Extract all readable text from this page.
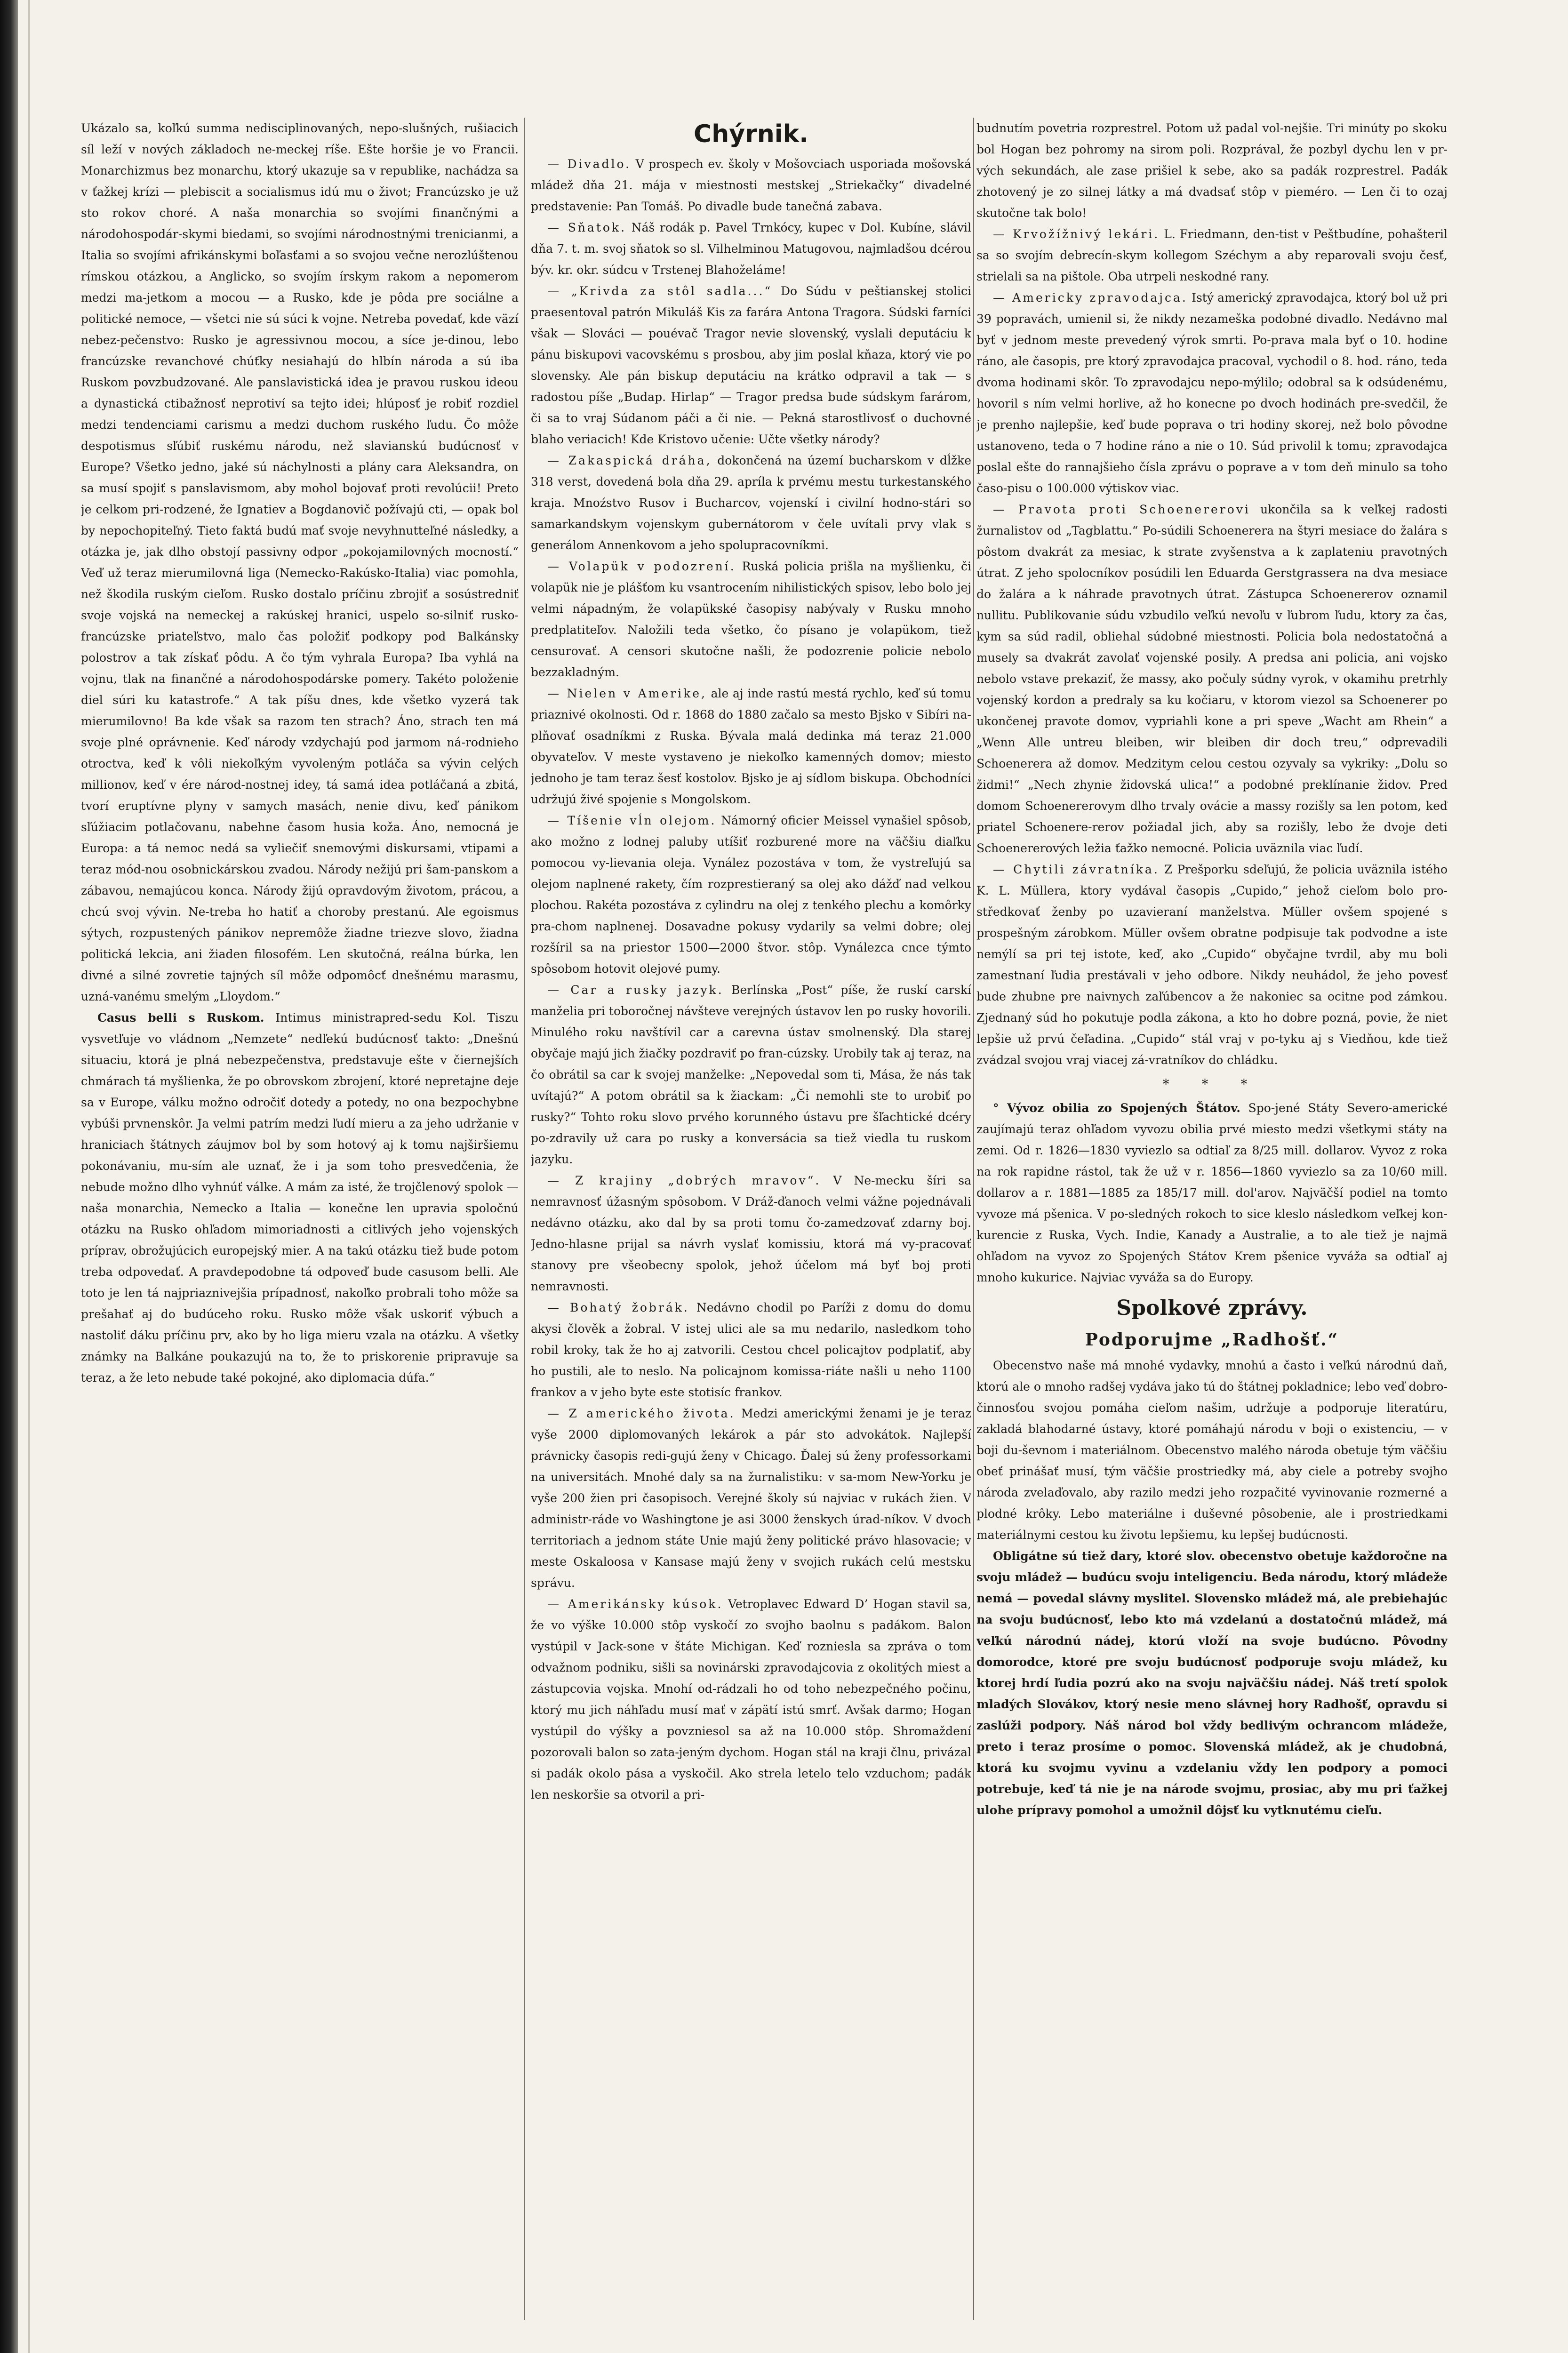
Ukázalo sa, koľkú summa nedisciplinovaných, nepo-slušných, rušiacich síl leží v nových základoch ne-meckej ríše. Ešte horšie je vo Francii. Monarchizmus bez monarchu, ktorý ukazuje sa v republike, nachádza sa v ťažkej krízi — plebiscit a socialismus idú mu o život; Francúzsko je už sto rokov choré. A naša monarchia so svojími finančnými a národohospodár-skymi biedami, so svojími národnostnými trenicianmi, a Italia so svojími afrikánskymi boľasťami a so svojou večne nerozlúštenou rímskou otázkou, a Anglicko, so svojím írskym rakom a nepomerom medzi ma-jetkom a mocou — a Rusko, kde je pôda pre sociálne a politické nemoce, — všetci nie sú súci k vojne. Netreba povedať, kde väzí nebez-pečenstvo: Rusko je agressivnou mocou, a síce je-dinou, lebo francúzske revanchové chúťky nesiahajú do hlbín národa a sú iba Ruskom povzbudzované. Ale panslavistická idea je pravou ruskou ideou a dynastická ctibažnosť neprotiví sa tejto idei; hlúposť je robiť rozdiel medzi tendenciami carismu a medzi duchom ruského ľudu. Čo môže despotismus sľúbiť ruskému národu, než slavianskú budúcnosť v Europe? Všetko jedno, jaké sú náchylnosti a plány cara Aleksandra, on sa musí spojiť s panslavismom, aby mohol bojovať proti revolúcii! Preto je celkom pri-rodzené, že Ignatiev a Bogdanovič požívajú cti, — opak bol by nepochopiteľný. Tieto faktá budú mať svoje nevyhnutteľné následky, a otázka je, jak dlho obstojí passivny odpor „pokojamilovných mocností.“ Veď už teraz mierumilovná liga (Nemecko-Rakúsko-Italia) viac pomohla, než škodila ruským cieľom. Rusko dostalo príčinu zbrojiť a sosústredniť svoje vojská na nemeckej a rakúskej hranici, uspelo so-silniť rusko-francúzske priateľstvo, malo čas položiť podkopy pod Balkánsky polostrov a tak získať pôdu. A čo tým vyhrala Europa? Iba vyhlá na vojnu, tlak na finančné a národohospodárske pomery. Takéto položenie diel súri ku katastrofe.“ A tak píšu dnes, kde všetko vyzerá tak mierumilovno! Ba kde však sa razom ten strach? Áno, strach ten má svoje plné oprávnenie. Keď národy vzdychajú pod jarmom ná-rodnieho otroctva, keď k vôli niekoľkým vyvoleným potláča sa vývin celých millionov, keď v ére národ-nostnej idey, tá samá idea potláčaná a zbitá, tvorí eruptívne plyny v samych masách, nenie divu, keď pánikom sľúžiacim potlačovanu, nabehne časom husia koža. Áno, nemocná je Europa: a tá nemoc nedá sa vyliečiť snemovými diskursami, vtipami a teraz mód-nou osobnickárskou zvadou. Národy nežijú pri šam-panskom a zábavou, nemajúcou konca. Národy žijú opravdovým životom, prácou, a chcú svoj vývin. Ne-treba ho hatiť a choroby prestanú. Ale egoismus sýtych, rozpustených pánikov nepremôže žiadne triezve slovo, žiadna politická lekcia, ani žiaden filosofém. Len skutočná, reálna búrka, len divné a silné zovretie tajných síl môže odpomôcť dnešnému marasmu, uzná-vanému smelým „Lloydom.“

Casus belli s Ruskom. Intimus ministrapred-sedu Kol. Tiszu vysvetľuje vo vládnom „Nemzete“ nedľekú budúcnosť takto: „Dnešnú situaciu, ktorá je plná nebezpečenstva, predstavuje ešte v čiernejších chmárach tá myšlienka, že po obrovskom zbrojení, ktoré nepretajne deje sa v Europe, válku možno odročiť dotedy a potedy, no ona bezpochybne vybúši prvnenskôr. Ja velmi patrím medzi ľudí mieru a za jeho udržanie v hraniciach štátnych záujmov bol by som hotový aj k tomu najširšiemu pokonávaniu, mu-sím ale uznať, že i ja som toho presvedčenia, že nebude možno dlho vyhnúť válke. A mám za isté, že trojčlenový spolok — naša monarchia, Nemecko a Italia — konečne len upravia spoločnú otázku na Rusko ohľadom mimoriadnosti a citlivých jeho vojenských príprav, obrožujúcich europejský mier. A na takú otázku tiež bude potom treba odpovedať. A pravdepodobne tá odpoveď bude casusom belli. Ale toto je len tá najpriaznivejšia prípadnosť, nakoľko probrali toho môže sa prešahať aj do budúceho roku. Rusko môže však uskoriť výbuch a nastoliť dáku príčinu prv, ako by ho liga mieru vzala na otázku. A všetky známky na Balkáne poukazujú na to, že to priskorenie pripravuje sa teraz, a že leto nebude také pokojné, ako diplomacia dúfa.“

Chýrnik.

— Divadlo. V prospech ev. školy v Mošovciach usporiada mošovská mládež dňa 21. mája v miestnosti mestskej „Striekačky“ divadelné predstavenie: Pan Tomáš. Po divadle bude tanečná zabava.

— Sňatok. Náš rodák p. Pavel Trnkócy, kupec v Dol. Kubíne, slávil dňa 7. t. m. svoj sňatok so sl. Vilhelminou Matugovou, najmladšou dcérou býv. kr. okr. súdcu v Trstenej Blahoželáme!

— „Krivda za stôl sadla...“ Do Súdu v peštianskej stolici praesentoval patrón Mikuláš Kis za farára Antona Tragora. Súdski farníci však — Slováci — pouévač Tragor nevie slovenský, vyslali deputáciu k pánu biskupovi vacovskému s prosbou, aby jim poslal kňaza, ktorý vie po slovensky. Ale pán biskup deputáciu na krátko odpravil a tak — s radostou píše „Budap. Hirlap“ — Tragor predsa bude súdskym farárom, či sa to vraj Súdanom páči a či nie. — Pekná starostlivosť o duchovné blaho veriacich! Kde Kristovo učenie: Učte všetky národy?

— Zakaspická dráha, dokončená na území bucharskom v dĺžke 318 verst, dovedená bola dňa 29. apríla k prvému mestu turkestanského kraja. Mnoźstvo Rusov i Bucharcov, vojenskí i civilní hodno-stári so samarkandskym vojenskym gubernátorom v čele uvítali prvy vlak s generálom Annenkovom a jeho spolupracovníkmi.

— Volapük v podozrení. Ruská policia prišla na myšlienku, či volapük nie je plášťom ku vsantrocením nihilistických spisov, lebo bolo jej velmi nápadným, že volapükské časopisy nabývaly v Rusku mnoho predplatiteľov. Naložili teda všetko, čo písano je volapükom, tiež censurovať. A censori skutočne našli, že podozrenie policie nebolo bezzakladným.

— Nielen v Amerike, ale aj inde rastú mestá rychlo, keď sú tomu priaznivé okolnosti. Od r. 1868 do 1880 začalo sa mesto Bjsko v Sibíri na-plňovať osadníkmi z Ruska. Bývala malá dedinka má teraz 21.000 obyvateľov. V meste vystaveno je niekoľko kamenných domov; miesto jednoho je tam teraz šesť kostolov. Bjsko je aj sídlom biskupa. Obchodníci udržujú živé spojenie s Mongolskom.

— Tíšenie vĺn olejom. Námorný oficier Meissel vynašiel spôsob, ako možno z lodnej paluby utíšiť rozburené more na väčšiu diaľku pomocou vy-lievania oleja. Vynález pozostáva v tom, že vystreľujú sa olejom naplnené rakety, čím rozprestieraný sa olej ako dážď nad velkou plochou. Rakéta pozostáva z cylindru na olej z tenkého plechu a komôrky pra-chom naplnenej. Dosavadne pokusy vydarily sa velmi dobre; olej rozšíril sa na priestor 1500—2000 štvor. stôp. Vynálezca cnce týmto spôsobom hotovit olejové pumy.

— Car a rusky jazyk. Berlínska „Post“ píše, že ruskí carskí manželia pri toboročnej návšteve verejných ústavov len po rusky hovorili. Minulého roku navštívil car a carevna ústav smolnenský. Dla starej obyčaje majú jich žiačky pozdraviť po fran-cúzsky. Urobily tak aj teraz, na čo obrátil sa car k svojej manželke: „Nepovedal som ti, Mása, že nás tak uvítajú?“ A potom obrátil sa k žiackam: „Či nemohli ste to urobiť po rusky?“ Tohto roku slovo prvého korunného ústavu pre šľachtické dcéry po-zdravily už cara po rusky a konversácia sa tiež viedla tu ruskom jazyku.

— Z krajiny „dobrých mravov“. V Ne-mecku šíri sa nemravnosť úžasným spôsobom. V Dráž-ďanoch velmi vážne pojednávali nedávno otázku, ako dal by sa proti tomu čo-zamedzovať zdarny boj. Jedno-hlasne prijal sa návrh vyslať komissiu, ktorá má vy-pracovať stanovy pre všeobecny spolok, jehož účelom má byť boj proti nemravnosti.

— Bohatý žobrák. Nedávno chodil po Paríži z domu do domu akysi člověk a žobral. V istej ulici ale sa mu nedarilo, nasledkom toho robil kroky, tak že ho aj zatvorili. Cestou chcel policajtov podplatiť, aby ho pustili, ale to neslo. Na policajnom komissa-riáte našli u neho 1100 frankov a v jeho byte este stotisíc frankov.

— Z amerického života. Medzi americkými ženami je je teraz vyše 2000 diplomovaných lekárok a pár sto advokátok. Najlepší právnicky časopis redi-gujú ženy v Chicago. Ďalej sú ženy professorkami na universitách. Mnohé daly sa na žurnalistiku: v sa-mom New-Yorku je vyše 200 žien pri časopisoch. Verejné školy sú najviac v rukách žien. V administr-ráde vo Washingtone je asi 3000 ženskych úrad-níkov. V dvoch territoriach a jednom státe Unie majú ženy politické právo hlasovacie; v meste Oskaloosa v Kansase majú ženy v svojich rukách celú mestsku správu.

— Amerikánsky kúsok. Vetroplavec Edward D’ Hogan stavil sa, že vo výške 10.000 stôp vyskočí zo svojho baolnu s padákom. Balon vystúpil v Jack-sone v štáte Michigan. Keď rozniesla sa zpráva o tom odvažnom podniku, sišli sa novinárski zpravodajcovia z okolitých miest a zástupcovia vojska. Mnohí od-rádzali ho od toho nebezpečného počinu, ktorý mu jich náhľadu musí mať v zápätí istú smrť. Avšak darmo; Hogan vystúpil do výšky a povzniesol sa až na 10.000 stôp. Shromaždení pozorovali balon so zata-jeným dychom. Hogan stál na kraji člnu, privázal si padák okolo pása a vyskočil. Ako strela letelo telo vzduchom; padák len neskoršie sa otvoril a pri-

budnutím povetria rozprestrel. Potom už padal vol-nejšie. Tri minúty po skoku bol Hogan bez pohromy na sirom poli. Rozprával, že pozbyl dychu len v pr-vých sekundách, ale zase prišiel k sebe, ako sa padák rozprestrel. Padák zhotovený je zo silnej látky a má dvadsať stôp v pieméro. — Len či to ozaj skutočne tak bolo!

— Krvožížnivý lekári. L. Friedmann, den-tist v Peštbudíne, pohašteril sa so svojím debrecín-skym kollegom Széchym a aby reparovali svoju česť, strielali sa na pištole. Oba utrpeli neskodné rany.

— Americky zpravodajca. Istý americký zpravodajca, ktorý bol už pri 39 popravách, umienil si, že nikdy nezameška podobné divadlo. Nedávno mal byť v jednom meste prevedený výrok smrti. Po-prava mala byť o 10. hodine ráno, ale časopis, pre ktorý zpravodajca pracoval, vychodil o 8. hod. ráno, teda dvoma hodinami skôr. To zpravodajcu nepo-mýlilo; odobral sa k odsúdenému, hovoril s ním velmi horlive, až ho konecne po dvoch hodinách pre-svedčil, že je prenho najlepšie, keď bude poprava o tri hodiny skorej, než bolo pôvodne ustanoveno, teda o 7 hodine ráno a nie o 10. Súd privolil k tomu; zpravodajca poslal ešte do rannajšieho čísla zprávu o poprave a v tom deň minulo sa toho časo-pisu o 100.000 výtiskov viac.

— Pravota proti Schoenererovi ukončila sa k veľkej radosti žurnalistov od „Tagblattu.“ Po-súdili Schoenerera na štyri mesiace do žalára s pôstom dvakrát za mesiac, k strate zvyšenstva a k zaplateniu pravotných útrat. Z jeho spolocníkov posúdili len Eduarda Gerstgrassera na dva mesiace do žalára a k náhrade pravotnych útrat. Zástupca Schoenererov oznamil nullitu. Publikovanie súdu vzbudilo veľkú nevoľu v ľubrom ľudu, ktory za čas, kym sa súd radil, obliehal súdobné miestnosti. Policia bola nedostatočná a musely sa dvakrát zavolať vojenské posily. A predsa ani policia, ani vojsko nebolo vstave prekaziť, že massy, ako počuly súdny vyrok, v okamihu pretrhly vojenský kordon a predraly sa ku kočiaru, v ktorom viezol sa Schoenerer po ukončenej pravote domov, vypriahli kone a pri speve „Wacht am Rhein“ a „Wenn Alle untreu bleiben, wir bleiben dir doch treu,“ odprevadili Schoenerera až domov. Medzitym celou cestou ozyvaly sa vykriky: „Dolu so židmi!“ „Nech zhynie židovská ulica!“ a podobné preklínanie židov. Pred domom Schoenererovym dlho trvaly ovácie a massy rozišly sa len potom, keď priatel Schoenere-rerov požiadal jich, aby sa rozišly, lebo že dvoje deti Schoenererových ležia ťažko nemocné. Policia uväznila viac ľudí.

— Chytili závratníka. Z Prešporku sdeľujú, že policia uväznila istého K. L. Müllera, ktory vydával časopis „Cupido,“ jehož cieľom bolo pro-středkovať ženby po uzavieraní manželstva. Müller ovšem spojené s prospešným zárobkom. Müller ovšem obratne podpisuje tak podvodne a iste nemýlí sa pri tej istote, keď, ako „Cupido“ obyčajne tvrdil, aby mu boli zamestnaní ľudia prestávali v jeho odbore. Nikdy neuhádol, že jeho povesť bude zhubne pre naivnych zaľúbencov a že nakoniec sa ocitne pod zámkou. Zjednaný súd ho pokutuje podla zákona, a kto ho dobre pozná, povie, že niet lepšie už prvú čeľadina. „Cupido“ stál vraj v po-tyku aj s Viedňou, kde tiež zvádzal svojou vraj viacej zá-vratníkov do chládku.

* * *

° Vývoz obilia zo Spojených Štátov. Spo-jené Státy Severo-americké zaujímajú teraz ohľadom vyvozu obilia prvé miesto medzi všetkymi státy na zemi. Od r. 1826—1830 vyviezlo sa odtiaľ za 8/25 mill. dollarov. Vyvoz z roka na rok rapidne rástol, tak že už v r. 1856—1860 vyviezlo sa za 10/60 mill. dollarov a r. 1881—1885 za 185/17 mill. dol'arov. Najväčší podiel na tomto vyvoze má pšenica. V po-sledných rokoch to sice kleslo následkom veľkej kon-kurencie z Ruska, Vych. Indie, Kanady a Australie, a to ale tiež je najmä ohľadom na vyvoz zo Spojených Státov Krem pšenice vyváža sa odtiaľ aj mnoho kukurice. Najviac vyváža sa do Europy.

Spolkové zprávy.
Podporujme „Radhošť.“

Obecenstvo naše má mnohé vydavky, mnohú a často i veľkú národnú daň, ktorú ale o mnoho radšej vydáva jako tú do štátnej pokladnice; lebo veď dobro-činnosťou svojou pomáha cieľom našim, udržuje a podporuje literatúru, zakladá blahodarné ústavy, ktoré pomáhajú národu v boji o existenciu, — v boji du-ševnom i materiálnom. Obecenstvo malého národa obetuje tým väčšiu obeť prinášať musí, tým väčšie prostriedky má, aby ciele a potreby svojho národa zvelaďovalo, aby razilo medzi jeho rozpačité vyvinovanie rozmerné a plodné krôky. Lebo materiálne i duševné pôsobenie, ale i prostriedkami materiálnymi cestou ku životu lepšiemu, ku lepšej budúcnosti.

Obligátne sú tiež dary, ktoré slov. obecenstvo obetuje každoročne na svoju mládež — budúcu svoju inteligenciu. Beda národu, ktorý mládeže nemá — povedal slávny myslitel. Slovensko mládež má, ale prebiehajúc na svoju budúcnosť, lebo kto má vzdelanú a dostatočnú mládež, má veľkú národnú nádej, ktorú vloží na svoje budúcno. Pôvodny domorodce, ktoré pre svoju budúcnosť podporuje svoju mládež, ku ktorej hrdí ľudia pozrú ako na svoju najväčšiu nádej. Náš tretí spolok mladých Slovákov, ktorý nesie meno slávnej hory Radhošť, opravdu si zaslúži podpory. Náš národ bol vždy bedlivým ochrancom mládeže, preto i teraz prosíme o pomoc. Slovenská mládež, ak je chudobná, ktorá ku svojmu vyvinu a vzdelaniu vždy len podpory a pomoci potrebuje, keď tá nie je na národe svojmu, prosiac, aby mu pri ťažkej ulohe prípravy pomohol a umožnil dôjsť ku vytknutému cieľu.
